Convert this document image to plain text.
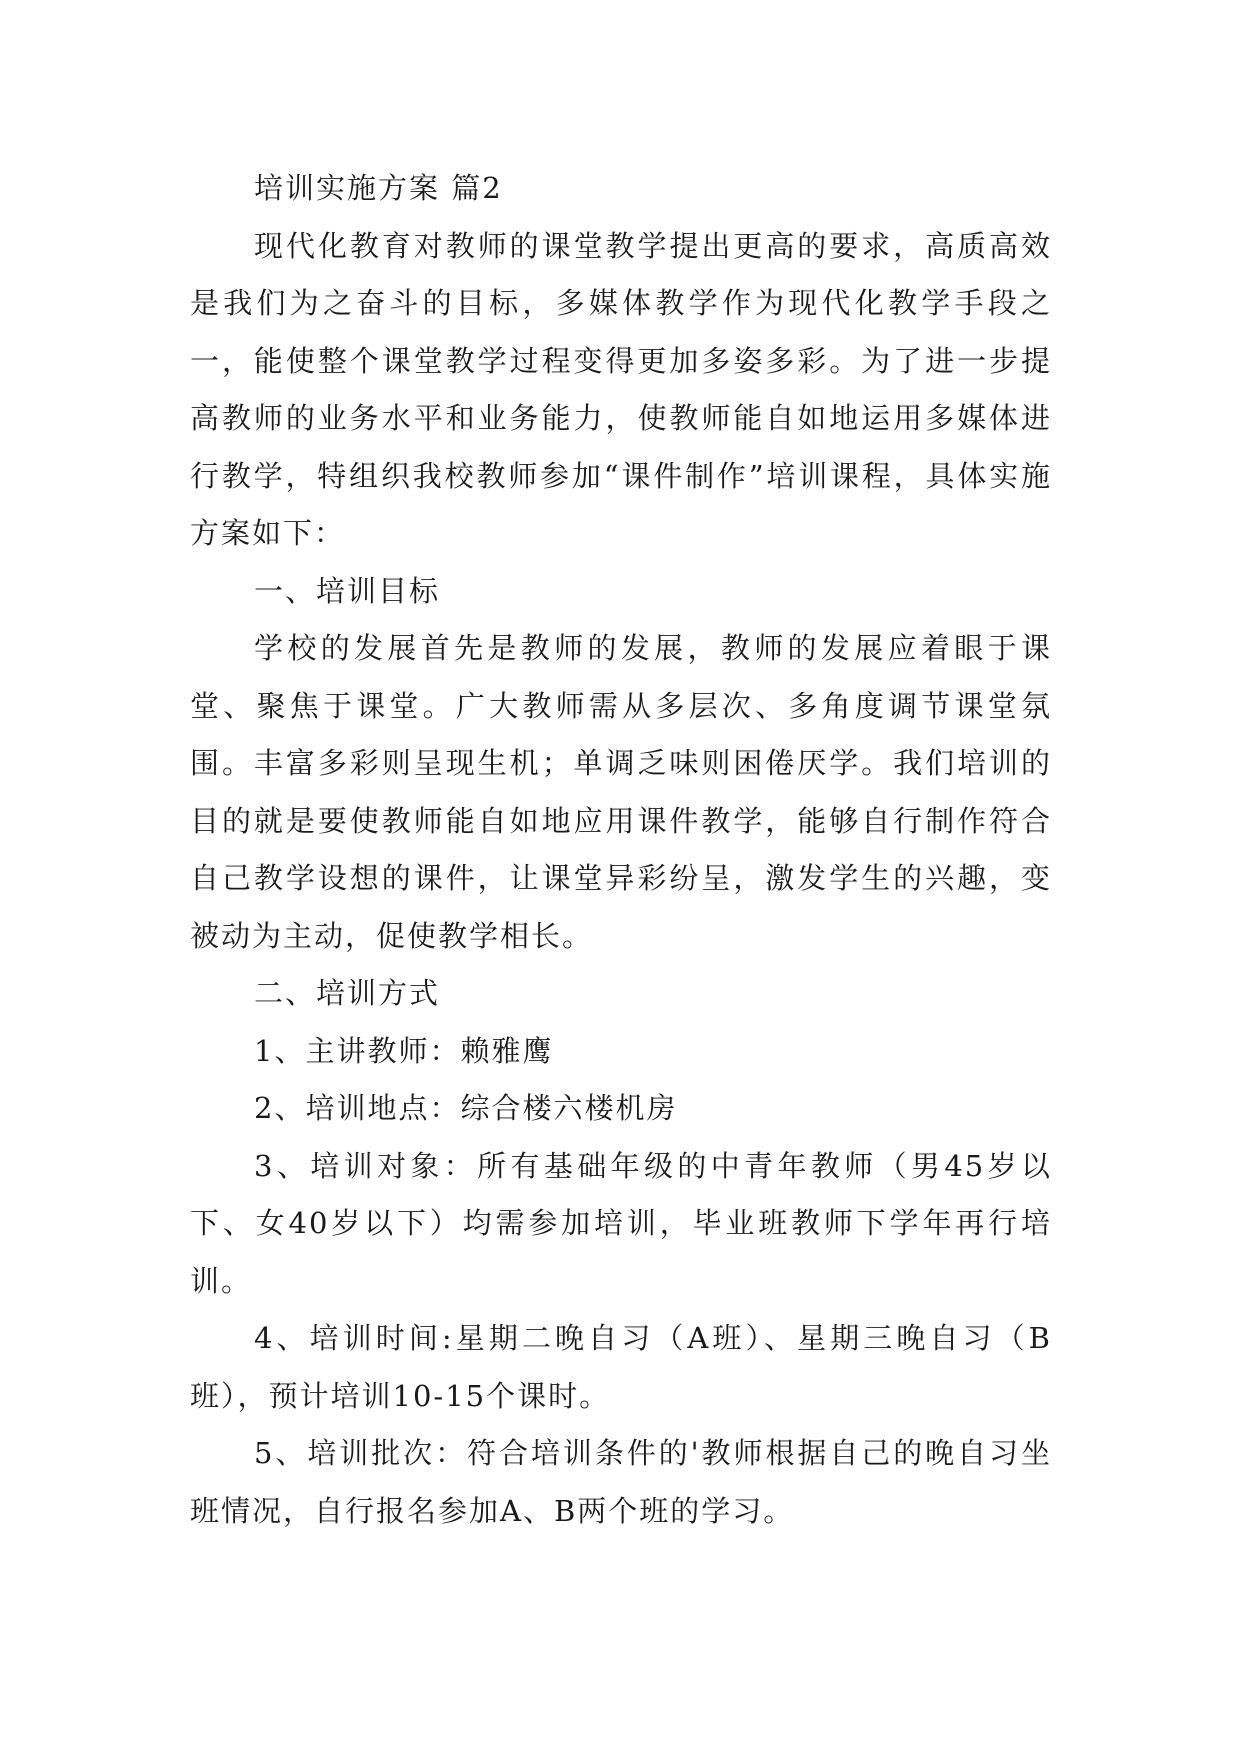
培训实施方案 篇2

现代化教育对教师的课堂教学提出更高的要求，高质高效是我们为之奋斗的目标，多媒体教学作为现代化教学手段之一，能使整个课堂教学过程变得更加多姿多彩。为了进一步提高教师的业务水平和业务能力，使教师能自如地运用多媒体进行教学，特组织我校教师参加“课件制作”培训课程，具体实施方案如下：

一、培训目标

学校的发展首先是教师的发展，教师的发展应着眼于课堂、聚焦于课堂。广大教师需从多层次、多角度调节课堂氛围。丰富多彩则呈现生机；单调乏味则困倦厌学。我们培训的目的就是要使教师能自如地应用课件教学，能够自行制作符合自己教学设想的课件，让课堂异彩纷呈，激发学生的兴趣，变被动为主动，促使教学相长。

二、培训方式

1、主讲教师：赖雅鹰

2、培训地点：综合楼六楼机房

3、培训对象：所有基础年级的中青年教师（男45岁以下、女40岁以下）均需参加培训，毕业班教师下学年再行培训。

4、培训时间:星期二晚自习（A班）、星期三晚自习（B班），预计培训10-15个课时。

5、培训批次：符合培训条件的'教师根据自己的晚自习坐班情况，自行报名参加A、B两个班的学习。
